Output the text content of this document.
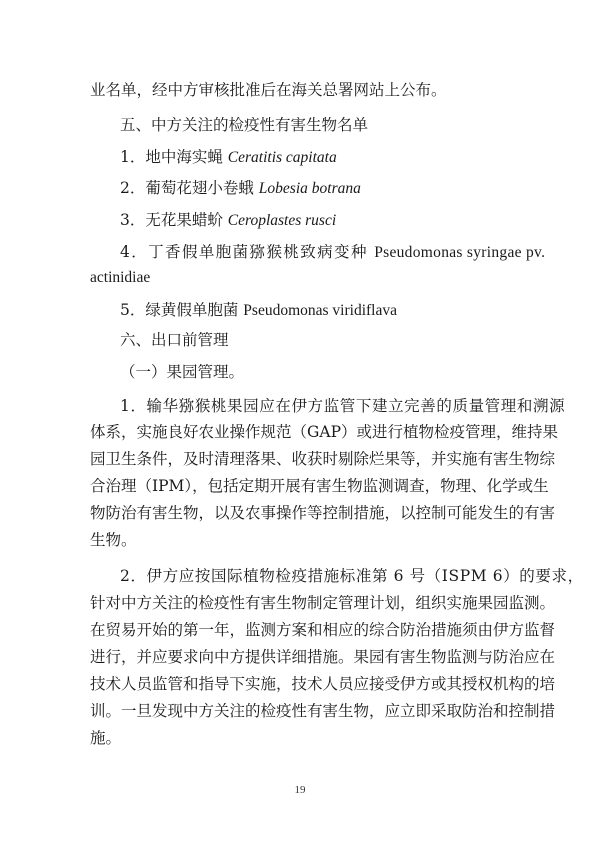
业名单，经中方审核批准后在海关总署网站上公布。
五、中方关注的检疫性有害生物名单
1．地中海实蝇 Ceratitis capitata
2．葡萄花翅小卷蛾 Lobesia botrana
3．无花果蜡蚧 Ceroplastes rusci
4．丁香假单胞菌猕猴桃致病变种 Pseudomonas syringae pv.
actinidiae
5．绿黄假单胞菌 Pseudomonas viridiflava
六、出口前管理
（一）果园管理。
1．输华猕猴桃果园应在伊方监管下建立完善的质量管理和溯源
体系，实施良好农业操作规范（GAP）或进行植物检疫管理，维持果
园卫生条件，及时清理落果、收获时剔除烂果等，并实施有害生物综
合治理（IPM），包括定期开展有害生物监测调查，物理、化学或生
物防治有害生物，以及农事操作等控制措施，以控制可能发生的有害
生物。
2．伊方应按国际植物检疫措施标准第 6 号（ISPM 6）的要求，
针对中方关注的检疫性有害生物制定管理计划，组织实施果园监测。
在贸易开始的第一年，监测方案和相应的综合防治措施须由伊方监督
进行，并应要求向中方提供详细措施。果园有害生物监测与防治应在
技术人员监管和指导下实施，技术人员应接受伊方或其授权机构的培
训。一旦发现中方关注的检疫性有害生物，应立即采取防治和控制措
施。
19
